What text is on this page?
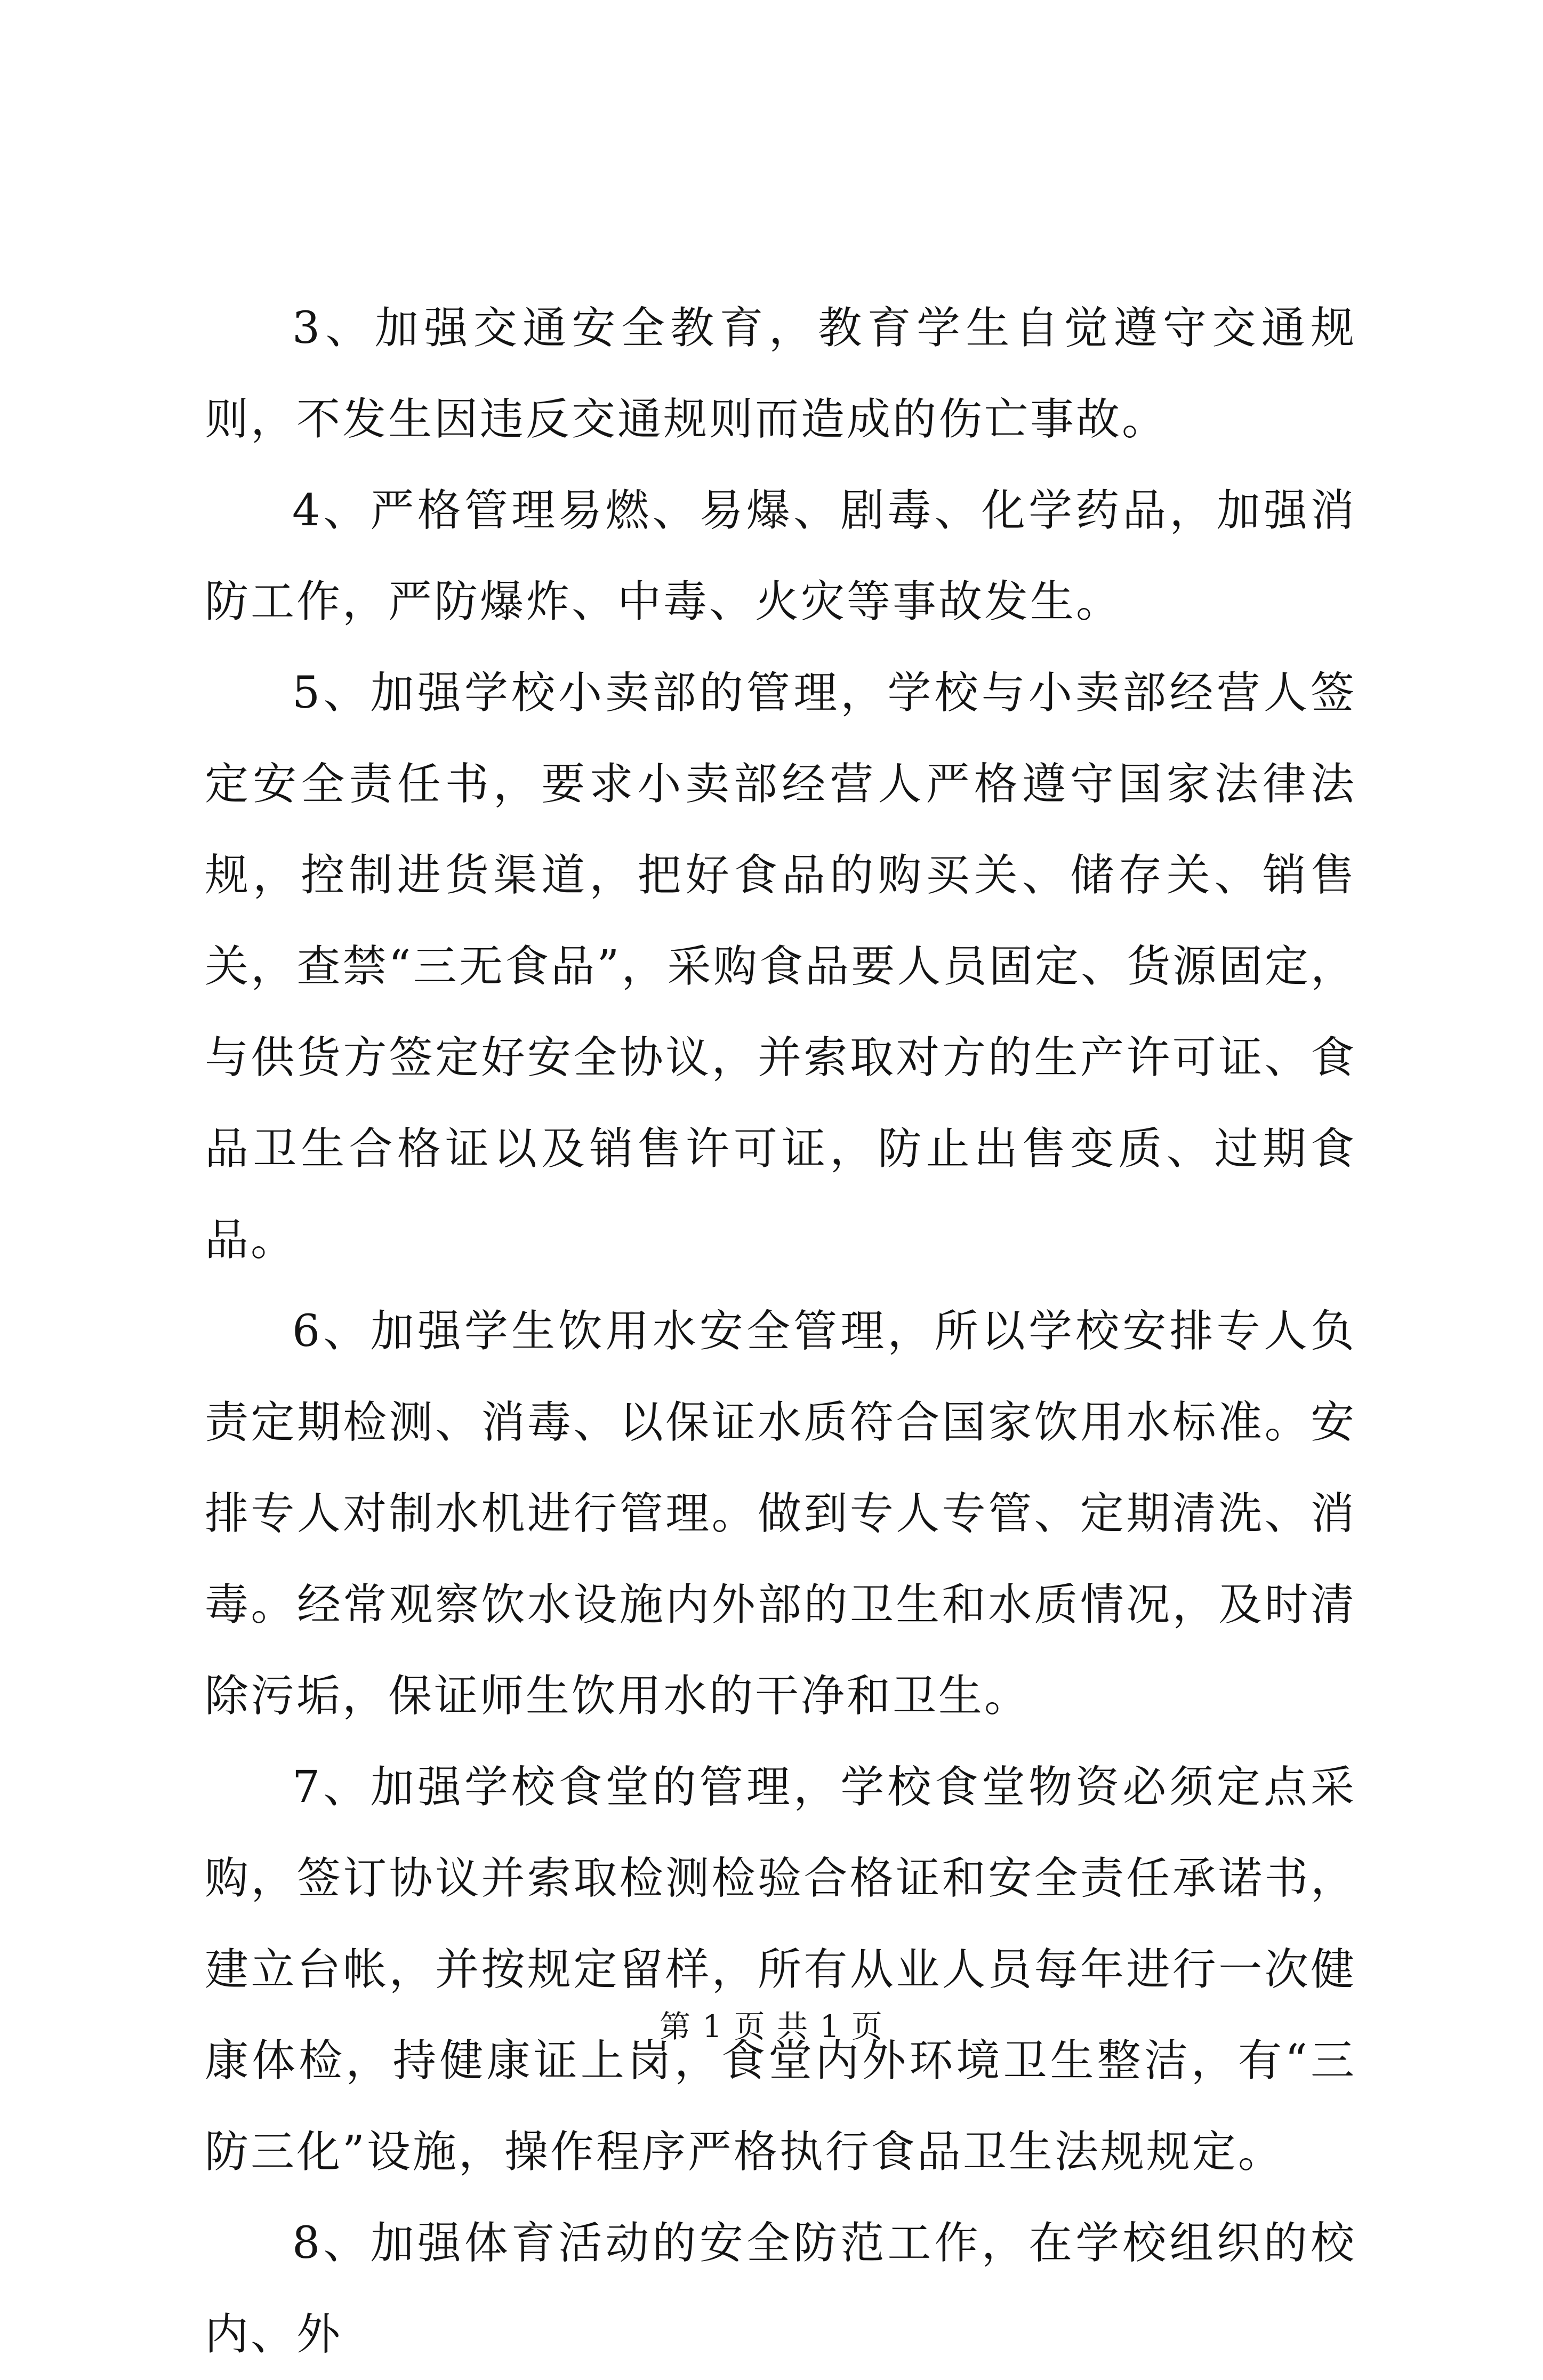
3、加强交通安全教育，教育学生自觉遵守交通规则，不发生因违反交通规则而造成的伤亡事故。

4、严格管理易燃、易爆、剧毒、化学药品，加强消防工作，严防爆炸、中毒、火灾等事故发生。

5、加强学校小卖部的管理，学校与小卖部经营人签定安全责任书，要求小卖部经营人严格遵守国家法律法规，控制进货渠道，把好食品的购买关、储存关、销售关，查禁“三无食品”，采购食品要人员固定、货源固定，与供货方签定好安全协议，并索取对方的生产许可证、食品卫生合格证以及销售许可证，防止出售变质、过期食品。

6、加强学生饮用水安全管理，所以学校安排专人负责定期检测、消毒、以保证水质符合国家饮用水标准。安排专人对制水机进行管理。做到专人专管、定期清洗、消毒。经常观察饮水设施内外部的卫生和水质情况，及时清除污垢，保证师生饮用水的干净和卫生。

7、加强学校食堂的管理，学校食堂物资必须定点采购，签订协议并索取检测检验合格证和安全责任承诺书，建立台帐，并按规定留样，所有从业人员每年进行一次健康体检，持健康证上岗，食堂内外环境卫生整洁，有“三防三化”设施，操作程序严格执行食品卫生法规规定。

8、加强体育活动的安全防范工作，在学校组织的校内、外

第 1 页 共 1 页
